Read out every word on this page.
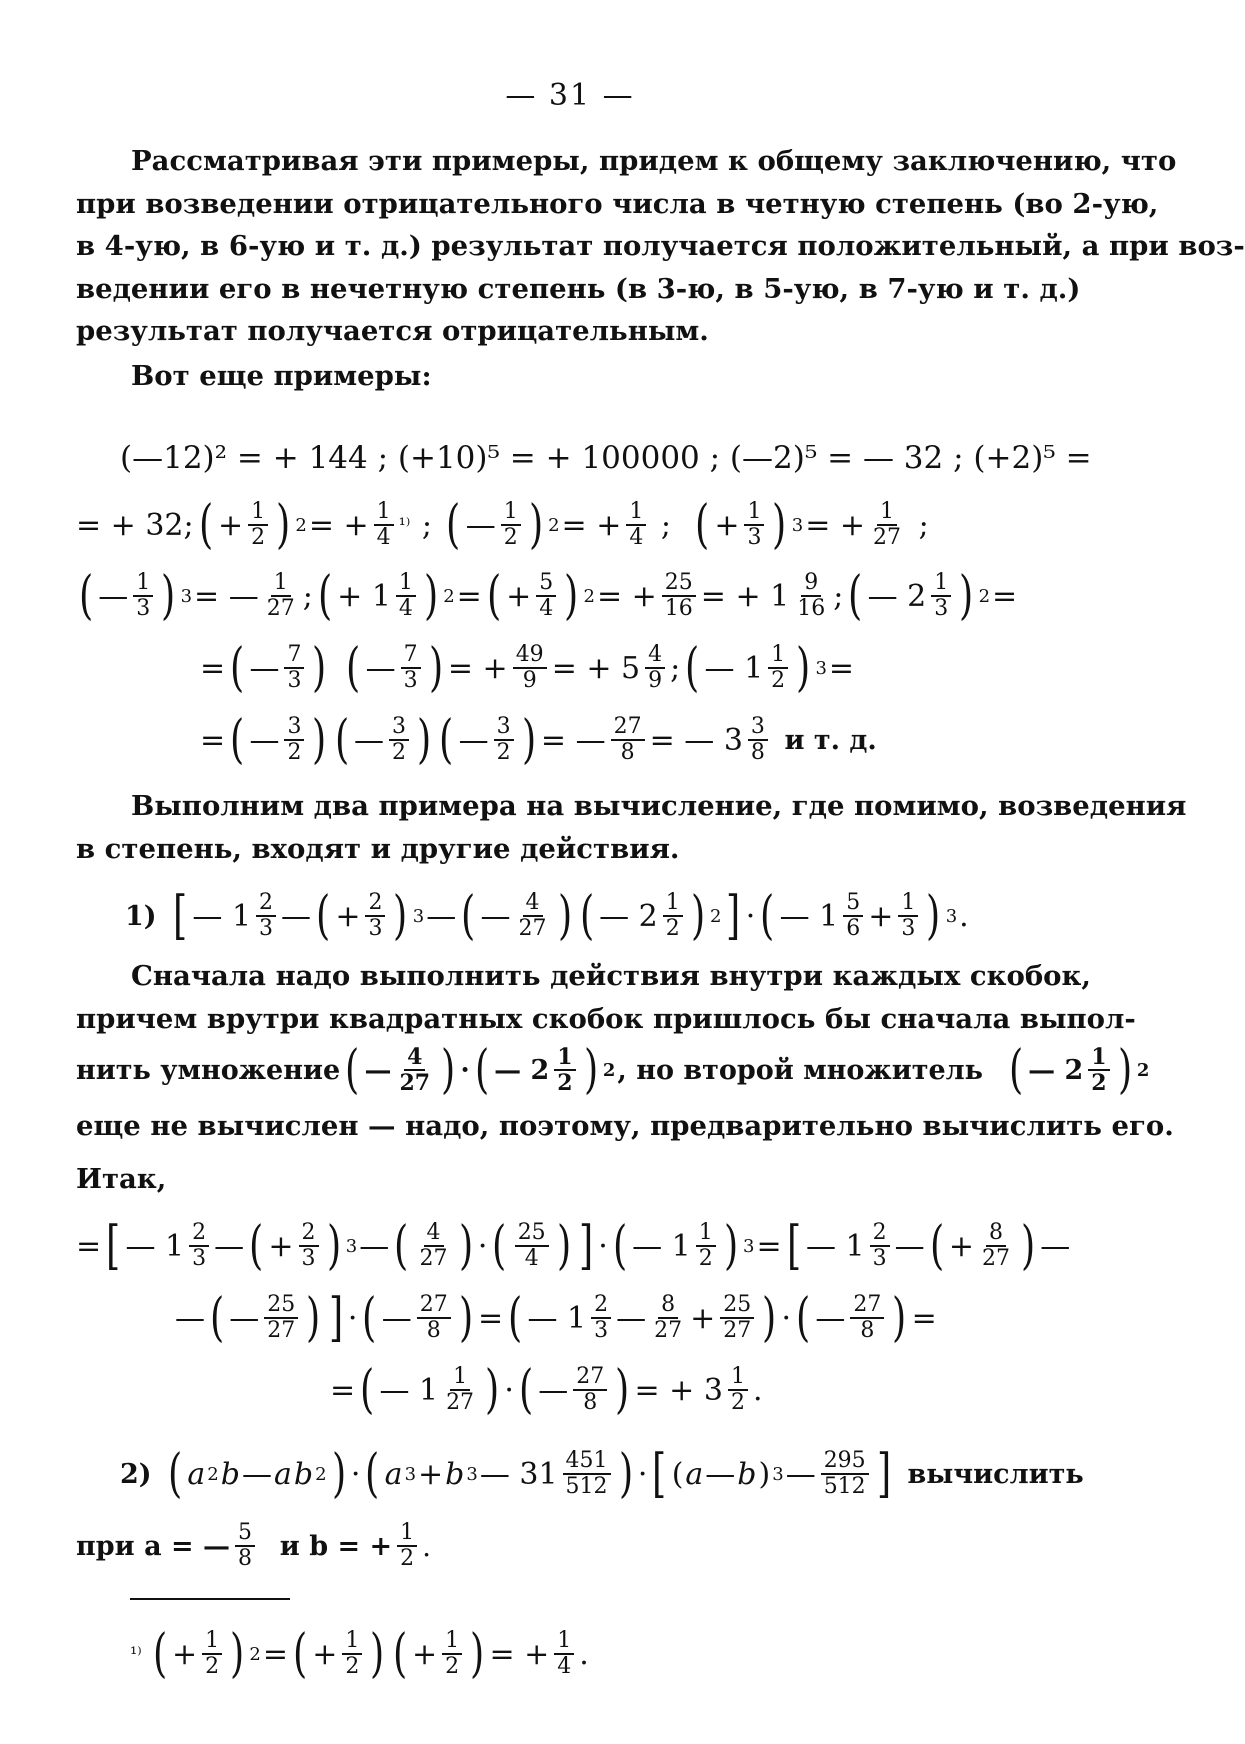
— 31 —
Рассматривая эти примеры, придем к общему заключению, что
при возведении отрицательного числа в четную степень (во 2-ую,
в 4-ую, в 6-ую и т. д.) результат получается положительный, а при воз-
ведении его в нечетную степень (в 3-ю, в 5-ую, в 7-ую и т. д.)
результат получается отрицательным.
Вот еще примеры:
(—12)² = + 144 ; (+10)⁵ = + 100000 ; (—2)⁵ = — 32 ; (+2)⁵ =
= + 32; ( + $\frac{1}{2}$ ) 2 = + $\frac{1}{4} ^{1)}$ ; ( — $\frac{1}{2}$ ) 2 = + $\frac{1}{4}$ ; ( + $\frac{1}{3}$ ) 3 = + $\frac{1}{27}$ ;
( — $\frac{1}{3}$ ) 3 = — $\frac{1}{27}$ ; ( + $1 \frac{1}{4}$ ) 2 = ( + $\frac{5}{4}$ ) 2 = + $\frac{25}{16}$ = + $1 \frac{9}{16}$ ; ( — $2 \frac{1}{3}$ ) 2 =
= ( — $\frac{7}{3}$ )
( — $\frac{7}{3}$ ) = + $\frac{49}{9}$ = + $5 \frac{4}{9}$ ; ( — $1 \frac{1}{2}$ ) 3 =
= ( — $\frac{3}{2}$ ) ( — $\frac{3}{2}$ ) ( — $\frac{3}{2}$ ) = — $\frac{27}{8}$ = — $3 \frac{3}{8}$
и т. д.
Выполним два примера на вычисление, где помимо, возведения
в степень, входят и другие действия.
1)
[ — $1 \frac{2}{3}$ — ( + $\frac{2}{3}$ ) 3 — ( — $\frac{4}{27}$ ) ( — $2 \frac{1}{2}$ ) 2 ] · ( — $1 \frac{5}{6} + \frac{1}{3}$ ) 3 .
Сначала надо выполнить действия внутри каждых скобок,
причем врутри квадратных скобок пришлось бы сначала выпол-
нить умножение ( — $\frac{4}{27}$ ) · ( — $2 \frac{1}{2}$ ) 2 , но второй множитель
( — $2 \frac{1}{2}$ ) 2
еще не вычислен — надо, поэтому, предварительно вычислить его.
Итак,
= [ — $1 \frac{2}{3}$ — ( + $\frac{2}{3}$ ) 3 — ( $\frac{4}{27}$ ) · ( $\frac{25}{4}$ ) ] · ( — $1 \frac{1}{2}$ ) 3 = [ — $1 \frac{2}{3}$ — ( + $\frac{8}{27}$ ) —
— ( — $\frac{25}{27}$ ) ] · ( — $\frac{27}{8}$ ) = ( — $1 \frac{2}{3}$ — $\frac{8}{27} + \frac{25}{27}$ ) · ( — $\frac{27}{8}$ ) =
= ( — $1 \frac{1}{27}$ ) · ( — $\frac{27}{8}$ ) = + $3 \frac{1}{2}$ .
2)
( a 2 b — a b 2 ) · ( a 3 + b 3 — $31 \frac{451}{512}$ ) · [ ( a — b ) 3 — $\frac{295}{512}$ ]
вычислить
при a = — $\frac{5}{8}$
и b = + $\frac{1}{2}$ .
¹⁾ ( + $\frac{1}{2}$ ) 2 = ( + $\frac{1}{2}$ ) ( + $\frac{1}{2}$ ) = + $\frac{1}{4}$ .
